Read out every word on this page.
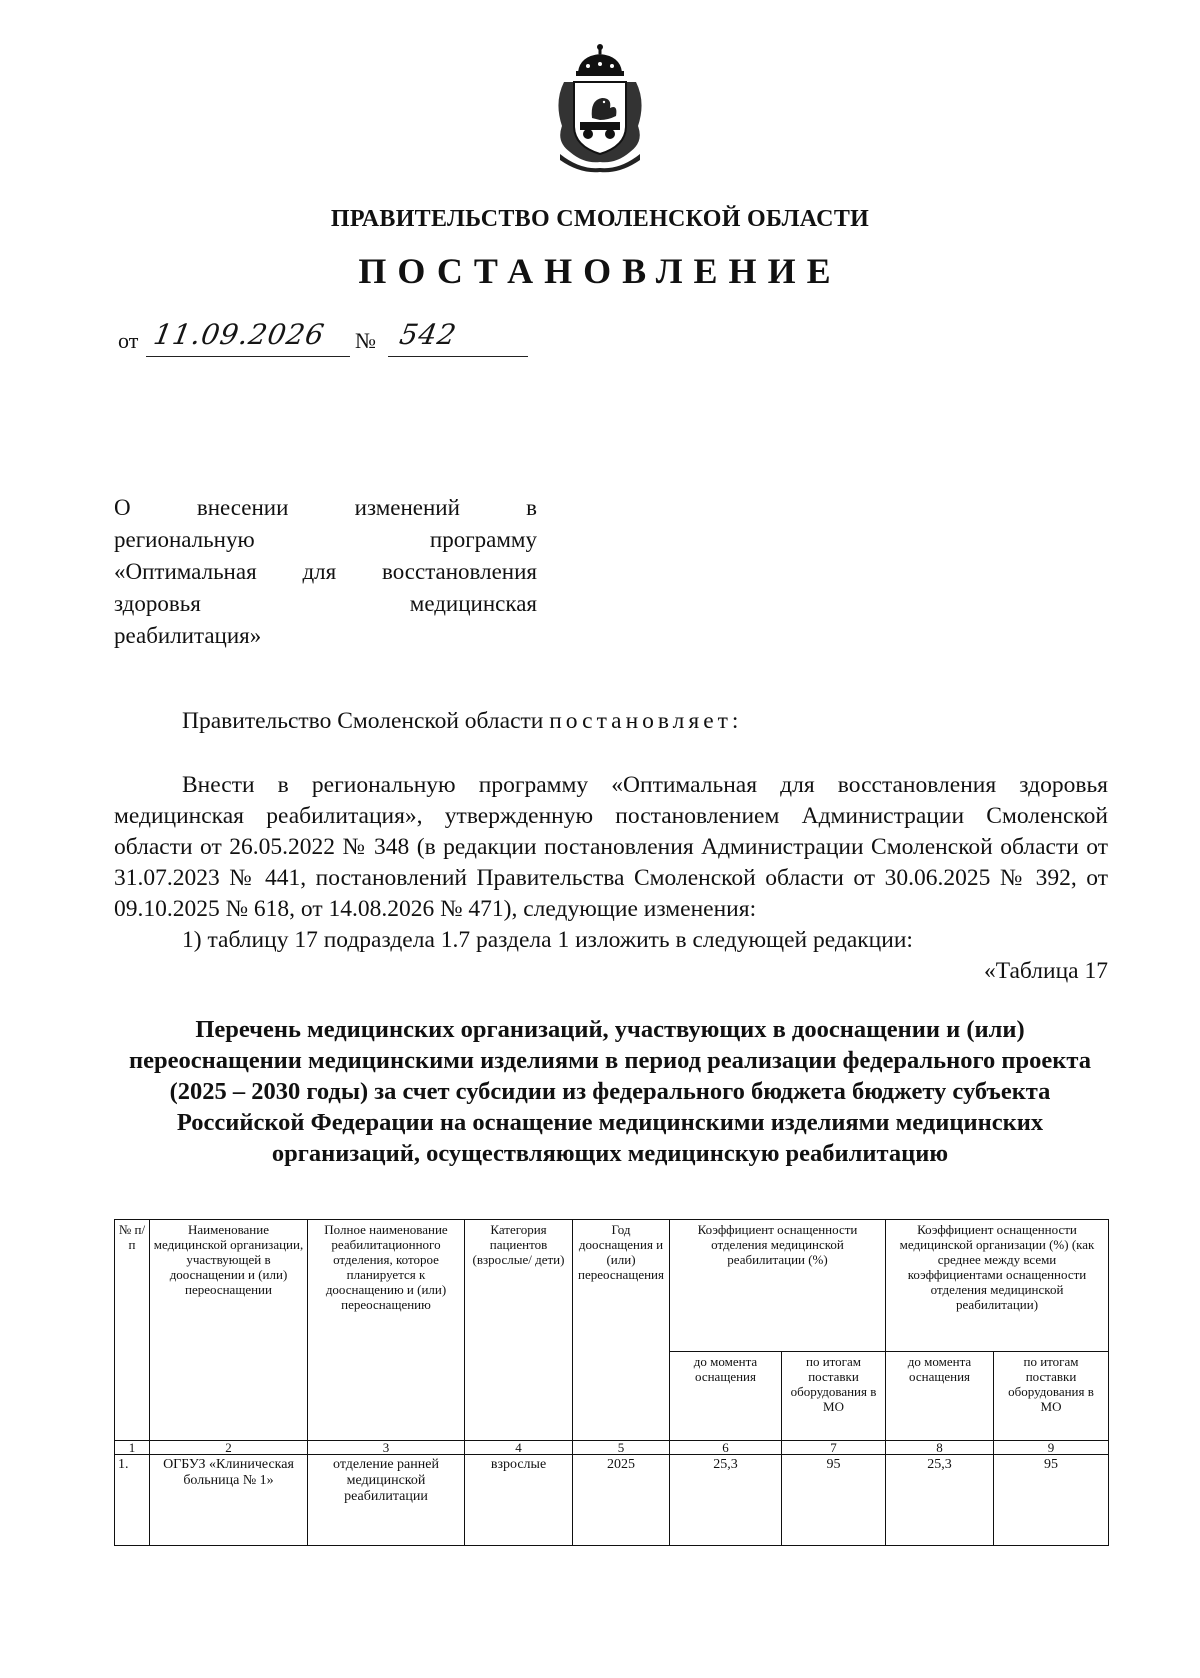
ПРАВИТЕЛЬСТВО СМОЛЕНСКОЙ ОБЛАСТИ
ПОСТАНОВЛЕНИЕ
от 11.09.2026 № 542
О внесении изменений в
региональную программу
«Оптимальная для восстановления
здоровья медицинская
реабилитация»
Правительство Смоленской области постановляет:

Внести в региональную программу «Оптимальная для восстановления здоровья медицинская реабилитация», утвержденную постановлением Администрации Смоленской области от 26.05.2022 № 348 (в редакции постановления Администрации Смоленской области от 31.07.2023 № 441, постановлений Правительства Смоленской области от 30.06.2025 № 392, от 09.10.2025 № 618, от 14.08.2026 № 471), следующие изменения:

1) таблицу 17 подраздела 1.7 раздела 1 изложить в следующей редакции:

«Таблица 17

Перечень медицинских организаций, участвующих в дооснащении и (или) переоснащении медицинскими изделиями в период реализации федерального проекта (2025 – 2030 годы) за счет субсидии из федерального бюджета бюджету субъекта Российской Федерации на оснащение медицинскими изделиями медицинских организаций, осуществляющих медицинскую реабилитацию
№ п/п	Наименование медицинской организации, участвующей в дооснащении и (или) переоснащении	Полное наименование реабилитационного отделения, которое планируется к дооснащению и (или) переоснащению	Категория пациентов (взрослые/ дети)	Год дооснащения и (или) переоснащения	Коэффициент оснащенности отделения медицинской реабилитации (%)		Коэффициент оснащенности медицинской организации (%) (как среднее между всеми коэффициентами оснащенности отделения медицинской реабилитации)	
					до момента оснащения	по итогам поставки оборудования в МО	до момента оснащения	по итогам поставки оборудования в МО
1	2	3	4	5	6	7	8	9
1.	ОГБУЗ «Клиническая больница № 1»	отделение ранней медицинской реабилитации	взрослые	2025	25,3	95	25,3	95
